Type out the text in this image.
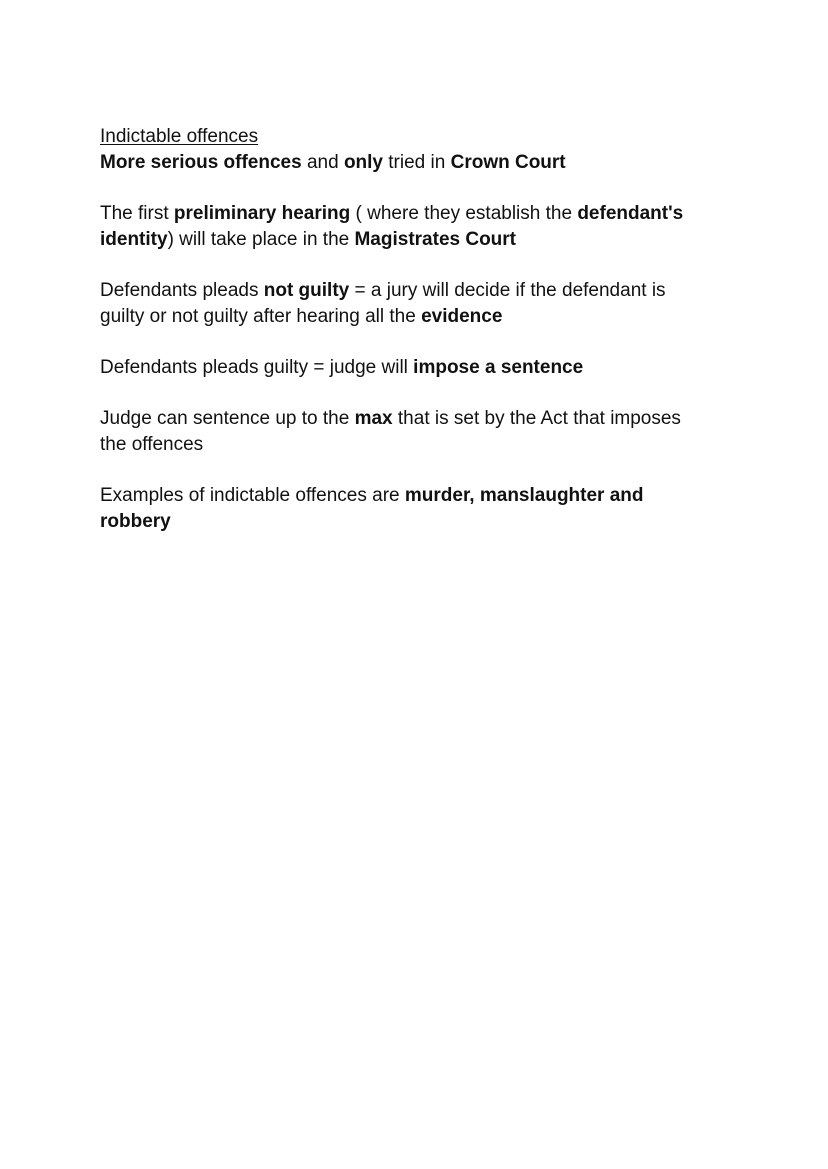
Indictable offences

More serious offences and only tried in Crown Court

The first preliminary hearing ( where they establish the defendant's
identity) will take place in the Magistrates Court

Defendants pleads not guilty = a jury will decide if the defendant is
guilty or not guilty after hearing all the evidence

Defendants pleads guilty = judge will impose a sentence

Judge can sentence up to the max that is set by the Act that imposes
the offences

Examples of indictable offences are murder, manslaughter and
robbery
